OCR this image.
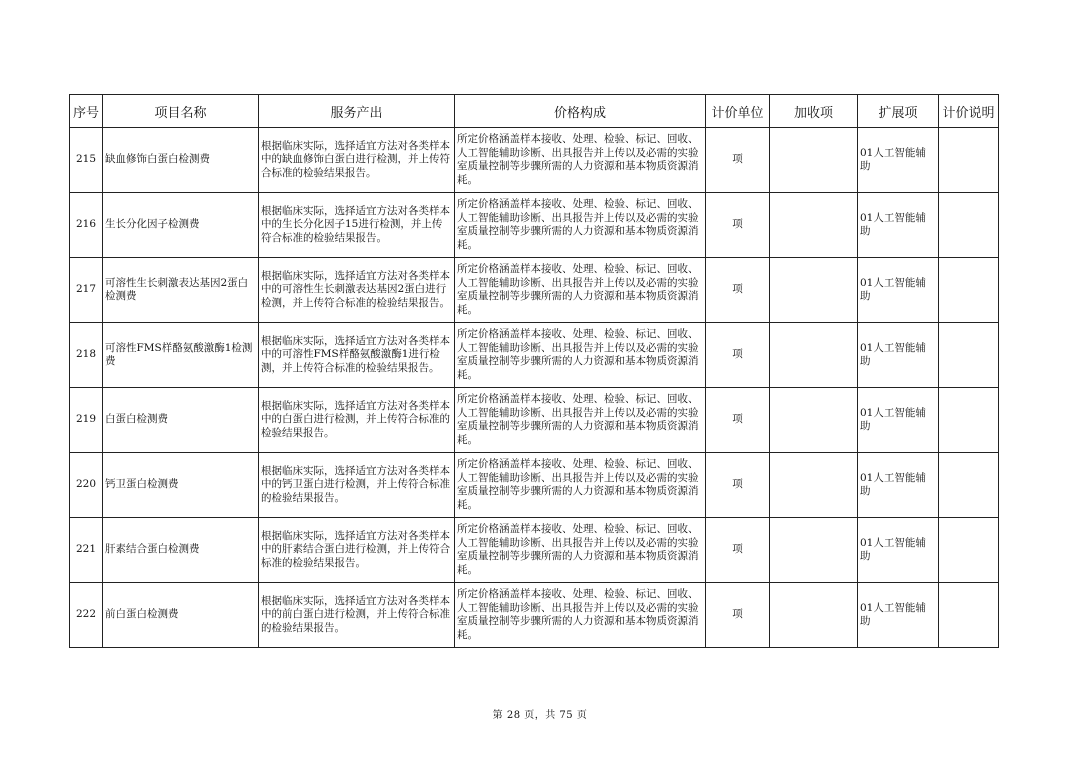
序号	项目名称	服务产出	价格构成	计价单位	加收项	扩展项	计价说明
215	缺血修饰白蛋白检测费	根据临床实际，选择适宜方法对各类样本中的缺血修饰白蛋白进行检测，并上传符合标准的检验结果报告。	所定价格涵盖样本接收、处理、检验、标记、回收、人工智能辅助诊断、出具报告并上传以及必需的实验室质量控制等步骤所需的人力资源和基本物质资源消耗。	项		01人工智能辅助	
216	生长分化因子检测费	根据临床实际，选择适宜方法对各类样本中的生长分化因子15进行检测，并上传符合标准的检验结果报告。	所定价格涵盖样本接收、处理、检验、标记、回收、人工智能辅助诊断、出具报告并上传以及必需的实验室质量控制等步骤所需的人力资源和基本物质资源消耗。	项		01人工智能辅助	
217	可溶性生长刺激表达基因2蛋白检测费	根据临床实际，选择适宜方法对各类样本中的可溶性生长刺激表达基因2蛋白进行检测，并上传符合标准的检验结果报告。	所定价格涵盖样本接收、处理、检验、标记、回收、人工智能辅助诊断、出具报告并上传以及必需的实验室质量控制等步骤所需的人力资源和基本物质资源消耗。	项		01人工智能辅助	
218	可溶性FMS样酪氨酸激酶1检测费	根据临床实际，选择适宜方法对各类样本中的可溶性FMS样酪氨酸激酶1进行检测，并上传符合标准的检验结果报告。	所定价格涵盖样本接收、处理、检验、标记、回收、人工智能辅助诊断、出具报告并上传以及必需的实验室质量控制等步骤所需的人力资源和基本物质资源消耗。	项		01人工智能辅助	
219	白蛋白检测费	根据临床实际，选择适宜方法对各类样本中的白蛋白进行检测，并上传符合标准的检验结果报告。	所定价格涵盖样本接收、处理、检验、标记、回收、人工智能辅助诊断、出具报告并上传以及必需的实验室质量控制等步骤所需的人力资源和基本物质资源消耗。	项		01人工智能辅助	
220	钙卫蛋白检测费	根据临床实际，选择适宜方法对各类样本中的钙卫蛋白进行检测，并上传符合标准的检验结果报告。	所定价格涵盖样本接收、处理、检验、标记、回收、人工智能辅助诊断、出具报告并上传以及必需的实验室质量控制等步骤所需的人力资源和基本物质资源消耗。	项		01人工智能辅助	
221	肝素结合蛋白检测费	根据临床实际，选择适宜方法对各类样本中的肝素结合蛋白进行检测，并上传符合标准的检验结果报告。	所定价格涵盖样本接收、处理、检验、标记、回收、人工智能辅助诊断、出具报告并上传以及必需的实验室质量控制等步骤所需的人力资源和基本物质资源消耗。	项		01人工智能辅助	
222	前白蛋白检测费	根据临床实际，选择适宜方法对各类样本中的前白蛋白进行检测，并上传符合标准的检验结果报告。	所定价格涵盖样本接收、处理、检验、标记、回收、人工智能辅助诊断、出具报告并上传以及必需的实验室质量控制等步骤所需的人力资源和基本物质资源消耗。	项		01人工智能辅助	
第 28 页，共 75 页
